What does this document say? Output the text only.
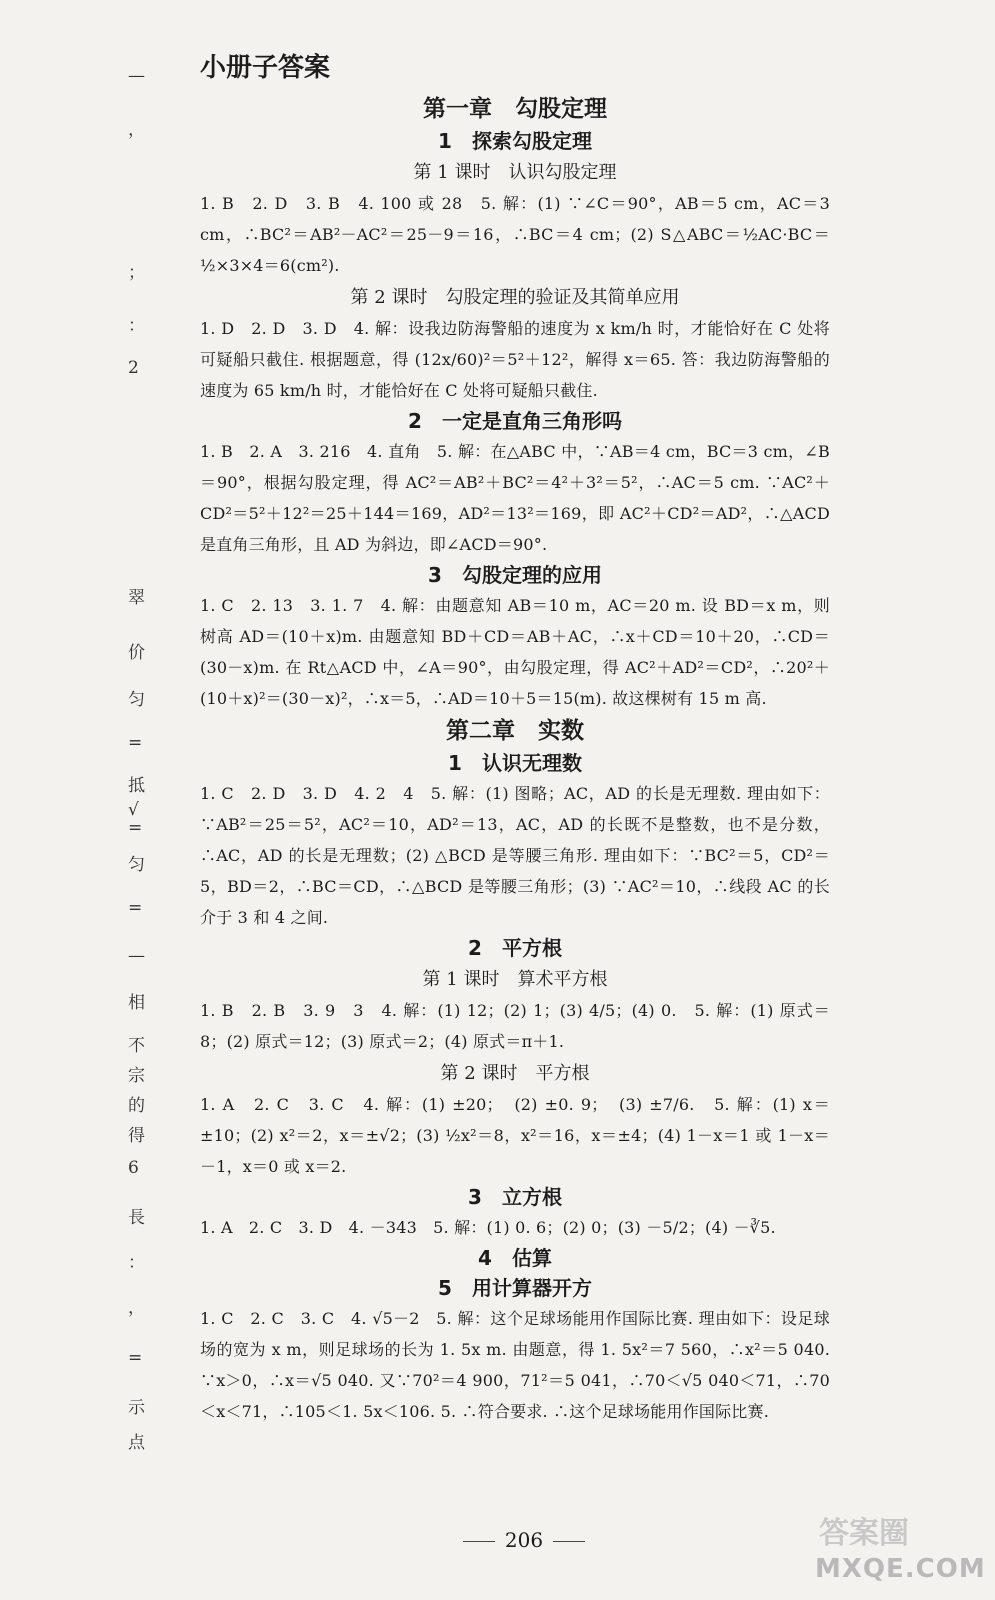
—
，
；
：
2
翠
价
匀
=
抵
√
=
匀
=
—
相
不
宗
的
得
6
長
：
，
=
示
点
小册子答案
第一章　勾股定理
1　探索勾股定理
第 1 课时　认识勾股定理

1. B　2. D　3. B　4. 100 或 28　5. 解：(1) ∵∠C＝90°，AB＝5 cm，AC＝3 cm，∴BC²＝AB²－AC²＝25－9＝16，∴BC＝4 cm；(2) S△ABC＝½AC·BC＝½×3×4＝6(cm²).

第 2 课时　勾股定理的验证及其简单应用

1. D　2. D　3. D　4. 解：设我边防海警船的速度为 x km/h 时，才能恰好在 C 处将可疑船只截住. 根据题意，得 (12x/60)²＝5²＋12²，解得 x＝65. 答：我边防海警船的速度为 65 km/h 时，才能恰好在 C 处将可疑船只截住.

2　一定是直角三角形吗

1. B　2. A　3. 216　4. 直角　5. 解：在△ABC 中，∵AB＝4 cm，BC＝3 cm，∠B＝90°，根据勾股定理，得 AC²＝AB²＋BC²＝4²＋3²＝5²，∴AC＝5 cm. ∵AC²＋CD²＝5²＋12²＝25＋144＝169，AD²＝13²＝169，即 AC²＋CD²＝AD²，∴△ACD 是直角三角形，且 AD 为斜边，即∠ACD＝90°.

3　勾股定理的应用

1. C　2. 13　3. 1. 7　4. 解：由题意知 AB＝10 m，AC＝20 m. 设 BD＝x m，则树高 AD＝(10＋x)m. 由题意知 BD＋CD＝AB＋AC，∴x＋CD＝10＋20，∴CD＝(30－x)m. 在 Rt△ACD 中，∠A＝90°，由勾股定理，得 AC²＋AD²＝CD²，∴20²＋(10＋x)²＝(30－x)²，∴x＝5，∴AD＝10＋5＝15(m). 故这棵树有 15 m 高.

第二章　实数
1　认识无理数

1. C　2. D　3. D　4. 2　4　5. 解：(1) 图略；AC，AD 的长是无理数. 理由如下：∵AB²＝25＝5²，AC²＝10，AD²＝13，AC，AD 的长既不是整数，也不是分数，∴AC，AD 的长是无理数；(2) △BCD 是等腰三角形. 理由如下：∵BC²＝5，CD²＝5，BD＝2，∴BC＝CD，∴△BCD 是等腰三角形；(3) ∵AC²＝10，∴线段 AC 的长介于 3 和 4 之间.

2　平方根
第 1 课时　算术平方根

1. B　2. B　3. 9　3　4. 解：(1) 12；(2) 1；(3) 4/5；(4) 0.　5. 解：(1) 原式＝8；(2) 原式＝12；(3) 原式＝2；(4) 原式＝π＋1.

第 2 课时　平方根

1. A　2. C　3. C　4. 解：(1) ±20；　(2) ±0. 9；　(3) ±7/6.　5. 解：(1) x＝±10；(2) x²＝2，x＝±√2；(3) ½x²＝8，x²＝16，x＝±4；(4) 1－x＝1 或 1－x＝－1，x＝0 或 x＝2.

3　立方根

1. A　2. C　3. D　4. －343　5. 解：(1) 0. 6；(2) 0；(3) －5/2；(4) －∛5.

4　估算
5　用计算器开方

1. C　2. C　3. C　4. √5－2　5. 解：这个足球场能用作国际比赛. 理由如下：设足球场的宽为 x m，则足球场的长为 1. 5x m. 由题意，得 1. 5x²＝7 560，∴x²＝5 040. ∵x＞0，∴x＝√5 040. 又∵70²＝4 900，71²＝5 041，∴70＜√5 040＜71，∴70＜x＜71，∴105＜1. 5x＜106. 5. ∴符合要求. ∴这个足球场能用作国际比赛.

206	答案圈
MXQE.COM
